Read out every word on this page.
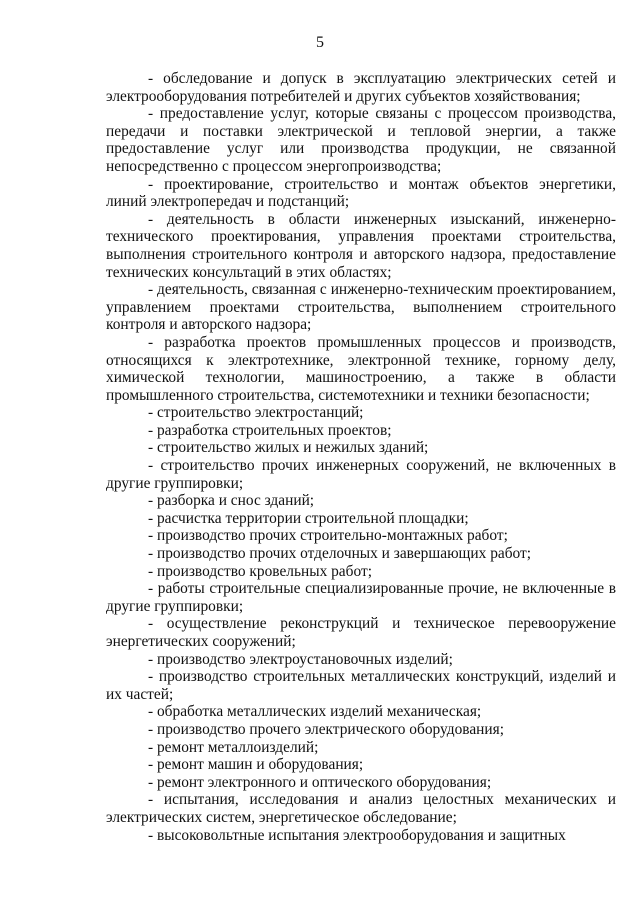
5

- обследование и допуск в эксплуатацию электрических сетей и электрооборудования потребителей и других субъектов хозяйствования;

- предоставление услуг, которые связаны с процессом производства, передачи и поставки электрической и тепловой энергии, а также предоставление услуг или производства продукции, не связанной непосредственно с процессом энергопроизводства;

- проектирование, строительство и монтаж объектов энергетики, линий электропередач и подстанций;

- деятельность в области инженерных изысканий, инженерно-технического проектирования, управления проектами строительства, выполнения строительного контроля и авторского надзора, предоставление технических консультаций в этих областях;

- деятельность, связанная с инженерно-техническим проектированием, управлением проектами строительства, выполнением строительного контроля и авторского надзора;

- разработка проектов промышленных процессов и производств, относящихся к электротехнике, электронной технике, горному делу, химической технологии, машиностроению, а также в области промышленного строительства, системотехники и техники безопасности;

- строительство электростанций;

- разработка строительных проектов;

- строительство жилых и нежилых зданий;

- строительство прочих инженерных сооружений, не включенных в другие группировки;

- разборка и снос зданий;

- расчистка территории строительной площадки;

- производство прочих строительно-монтажных работ;

- производство прочих отделочных и завершающих работ;

- производство кровельных работ;

- работы строительные специализированные прочие, не включенные в другие группировки;

- осуществление реконструкций и техническое перевооружение энергетических сооружений;

- производство электроустановочных изделий;

- производство строительных металлических конструкций, изделий и их частей;

- обработка металлических изделий механическая;

- производство прочего электрического оборудования;

- ремонт металлоизделий;

- ремонт машин и оборудования;

- ремонт электронного и оптического оборудования;

- испытания, исследования и анализ целостных механических и электрических систем, энергетическое обследование;

- высоковольтные испытания электрооборудования и защитных
